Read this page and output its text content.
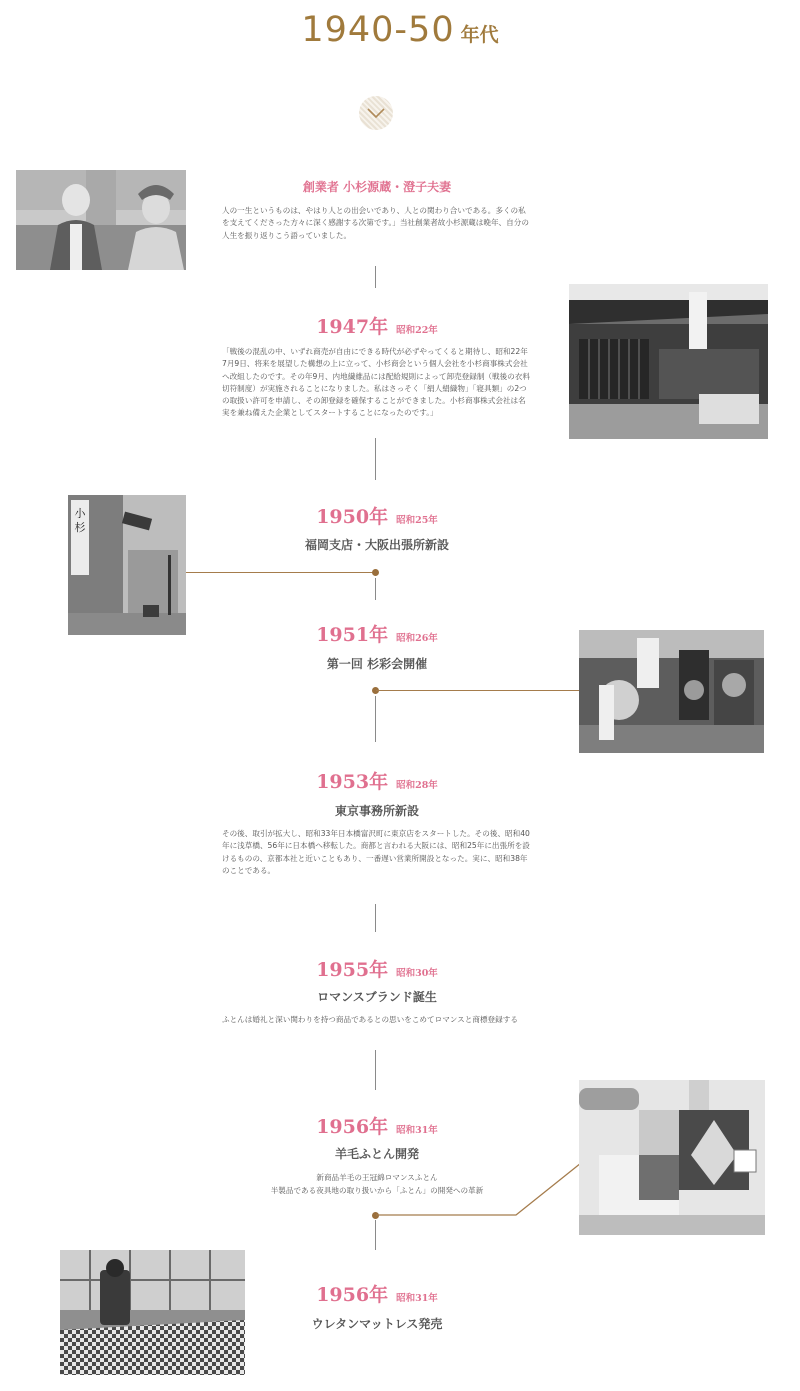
1940-50 年代
創業者 小杉源蔵・澄子夫妻
人の一生というものは、やはり人との出会いであり、人との関わり合いである。多くの私を支えてくださった方々に深く感謝する次第です。」当社創業者故小杉源蔵は晩年、自分の人生を振り返りこう語っていました。
1947年 昭和22年
「戦後の混乱の中、いずれ商売が自由にできる時代が必ずやってくると期待し、昭和22年7月9日、将来を展望した構想の上に立って、小杉商会という個人会社を小杉商事株式会社へ改組したのです。その年9月、内地繊維品には配給規則によって卸売登録制（戦後の衣料切符制度）が実施されることになりました。私はさっそく「絹人絹織物」「寝具類」の2つの取扱い許可を申請し、その卸登録を確保することができました。小杉商事株式会社は名実を兼ね備えた企業としてスタートすることになったのです。」
小
杉	1950年 昭和25年
福岡支店・大阪出張所新設
1951年 昭和26年
第一回 杉彩会開催
1953年 昭和28年
東京事務所新設
その後、取引が拡大し、昭和33年日本橋富沢町に東京店をスタートした。その後、昭和40年に浅草橋、56年に日本橋へ移転した。商都と言われる大阪には、昭和25年に出張所を設けるものの、京都本社と近いこともあり、一番遅い営業所開設となった。実に、昭和38年のことである。
1955年 昭和30年
ロマンスブランド誕生
ふとんは婚礼と深い関わりを持つ商品であるとの思いをこめてロマンスと商標登録する
1956年 昭和31年
羊毛ふとん開発
新商品羊毛の王冠綿ロマンスふとん
半製品である夜具地の取り扱いから「ふとん」の開発への革新
1956年 昭和31年
ウレタンマットレス発売
